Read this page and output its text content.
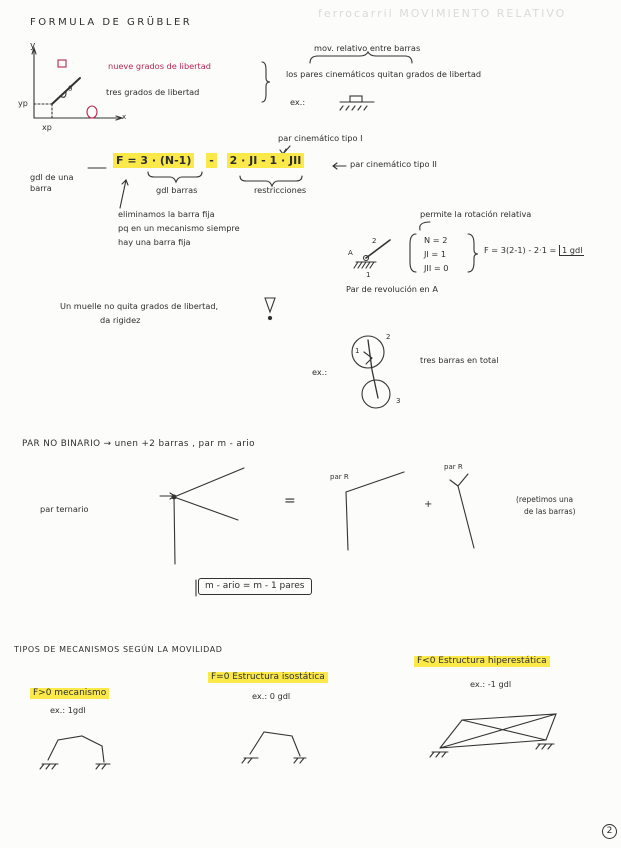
ferrocarril MOVIMIENTO RELATIVO
FORMULA DE GRÜBLER
y
x
yp
xp
θ
nueve grados de libertad
tres grados de libertad
mov. relativo entre barras
los pares cinemáticos quitan grados de libertad
ex.:
par cinemático tipo I
par cinemático tipo II
F = 3 · (N-1) - 2 · JI - 1 · JII
gdl de una barra	gdl barras	restricciones
eliminamos la barra fija
pq en un mecanismo siempre
hay una barra fija
permite la rotación relativa
2
A
1
N = 2
JI = 1
JII = 0
F = 3(2-1) - 2·1 = 1 gdl
Par de revolución en A
Un muelle no quita grados de libertad,
da rigidez
ex.:
tres barras en total
1
2
3
PAR NO BINARIO → unen +2 barras , par m - ario
par ternario	=	+
par R
par R
(repetimos una
de las barras)
m - ario = m - 1 pares
TIPOS DE MECANISMOS SEGÚN LA MOVILIDAD
F>0 mecanismo
ex.: 1gdl
F=0 Estructura isostática
ex.: 0 gdl
F<0 Estructura hiperestática
ex.: -1 gdl
2
